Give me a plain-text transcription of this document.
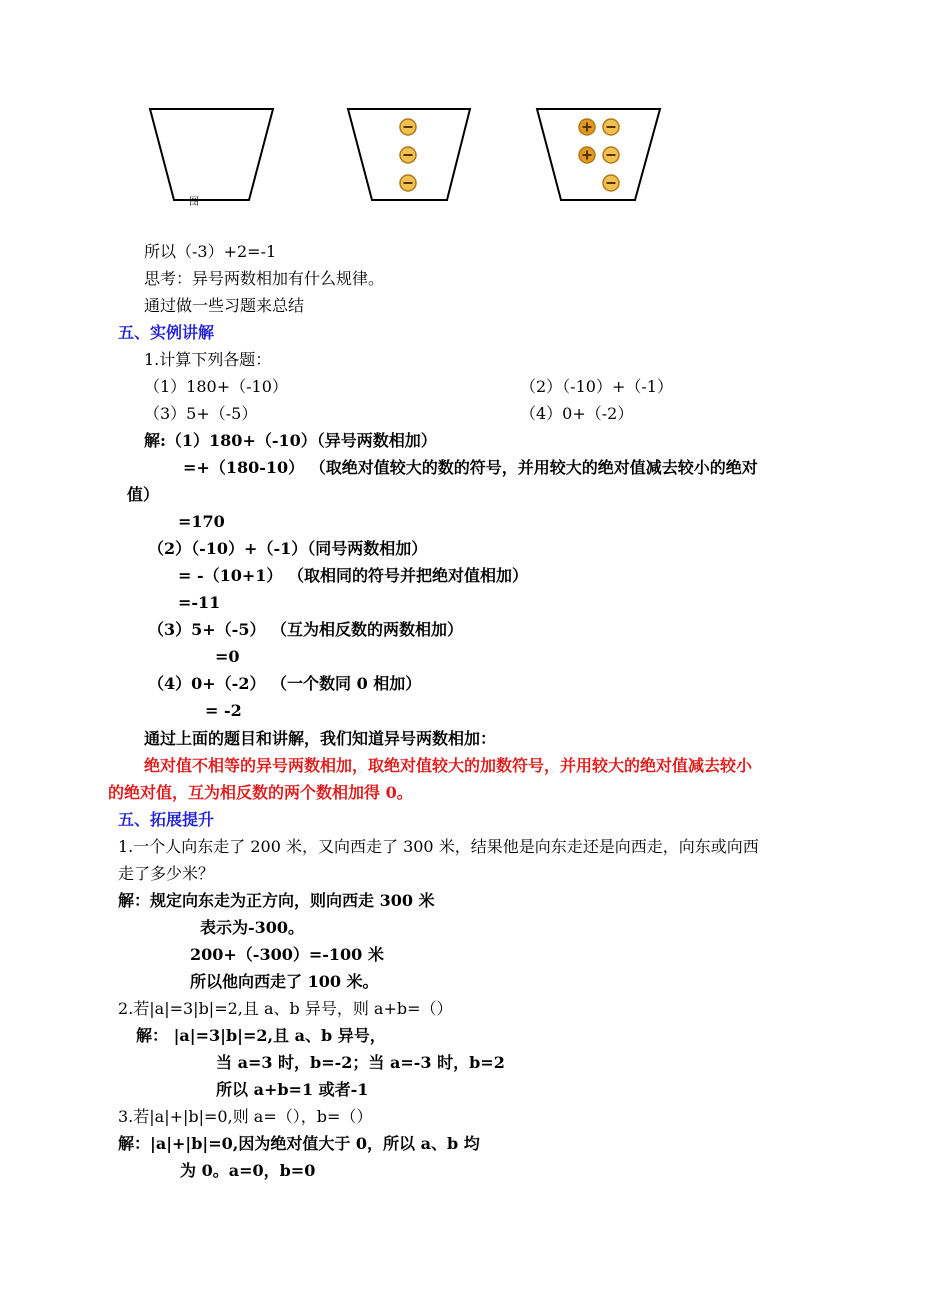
图
所以（-3）+2=-1
思考：异号两数相加有什么规律。
通过做一些习题来总结
五、实例讲解
1.计算下列各题：
（1）180+（-10）	（2）（-10）+（-1）
（3）5+（-5）	（4）0+（-2）
解:（1）180+（-10）（异号两数相加）
=+（180-10） （取绝对值较大的数的符号，并用较大的绝对值减去较小的绝对
值）
=170
（2）（-10）+（-1）（同号两数相加）
= -（10+1） （取相同的符号并把绝对值相加）
=-11
（3）5+（-5） （互为相反数的两数相加）
=0
（4）0+（-2） （一个数同 0 相加）
= -2
通过上面的题目和讲解，我们知道异号两数相加：
绝对值不相等的异号两数相加，取绝对值较大的加数符号，并用较大的绝对值减去较小
的绝对值，互为相反数的两个数相加得 0。
五、拓展提升
1.一个人向东走了 200 米，又向西走了 300 米，结果他是向东走还是向西走，向东或向西
走了多少米？
解：规定向东走为正方向，则向西走 300 米
表示为-300。
200+（-300）=-100 米
所以他向西走了 100 米。
2.若|a|=3|b|=2,且 a、b 异号，则 a+b=（）
解： |a|=3|b|=2,且 a、b 异号，
当 a=3 时，b=-2；当 a=-3 时，b=2
所以 a+b=1 或者-1
3.若|a|+|b|=0,则 a=（），b=（）
解：|a|+|b|=0,因为绝对值大于 0，所以 a、b 均
为 0。a=0，b=0
